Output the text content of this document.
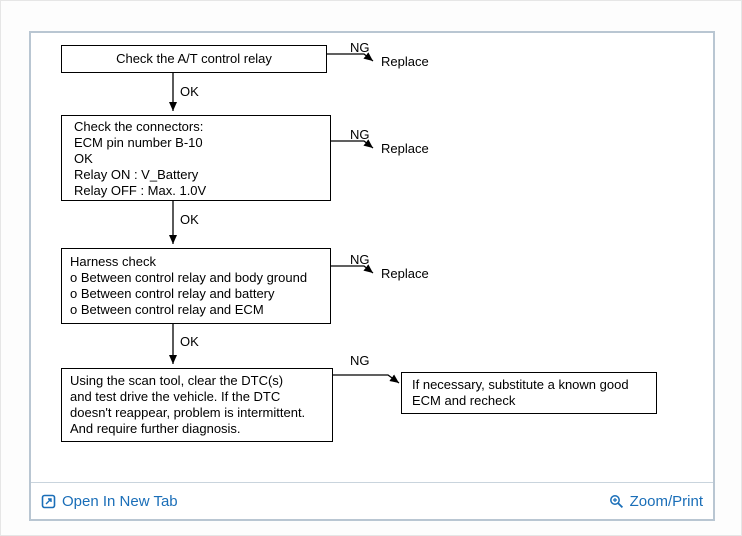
Check the A/T control relay
Check the connectors:
ECM pin number B-10
OK
Relay ON : V_Battery
Relay OFF : Max. 1.0V
Harness check
o Between control relay and body ground
o Between control relay and battery
o Between control relay and ECM
Using the scan tool, clear the DTC(s)
and test drive the vehicle. If the DTC
doesn't reappear, problem is intermittent.
And require further diagnosis.
If necessary, substitute a known good
ECM and recheck
OK
OK
OK
NG
NG
NG
NG
Replace
Replace
Replace
Open In New Tab	Zoom/Print
